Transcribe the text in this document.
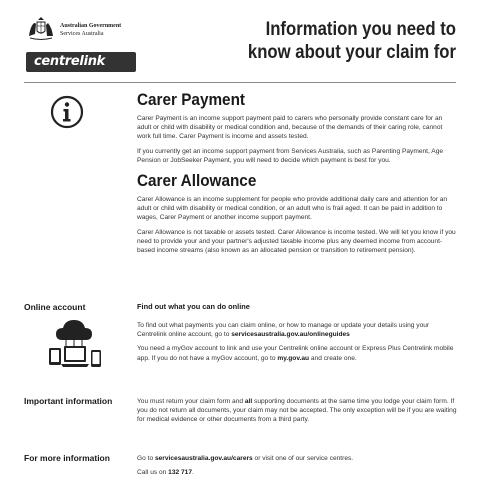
Australian Government
Services Australia
centrelink
Information you need to know about your claim for
Carer Payment

Carer Payment is an income support payment paid to carers who personally provide constant care for an adult or child with disability or medical condition and, because of the demands of their caring role, cannot work full time. Carer Payment is income and assets tested.

If you currently get an income support payment from Services Australia, such as Parenting Payment, Age Pension or JobSeeker Payment, you will need to decide which payment is best for you.

Carer Allowance

Carer Allowance is an income supplement for people who provide additional daily care and attention for an adult or child with disability or medical condition, or an adult who is frail aged. It can be paid in addition to wages, Carer Payment or another income support payment.

Carer Allowance is not taxable or assets tested. Carer Allowance is income tested. We will let you know if you need to provide your and your partner's adjusted taxable income plus any deemed income from account-based income streams (also known as an allocated pension or transition to retirement pension).

Online account	Find out what you can do online

To find out what payments you can claim online, or how to manage or update your details using your Centrelink online account, go to servicesaustralia.gov.au/onlineguides

You need a myGov account to link and use your Centrelink online account or Express Plus Centrelink mobile app. If you do not have a myGov account, go to my.gov.au and create one.

Important information	You must return your claim form and all supporting documents at the same time you lodge your claim form. If you do not return all documents, your claim may not be accepted. The only exception will be if you are waiting for medical evidence or other documents from a third party.

For more information	Go to servicesaustralia.gov.au/carers or visit one of our service centres.

Call us on 132 717.
